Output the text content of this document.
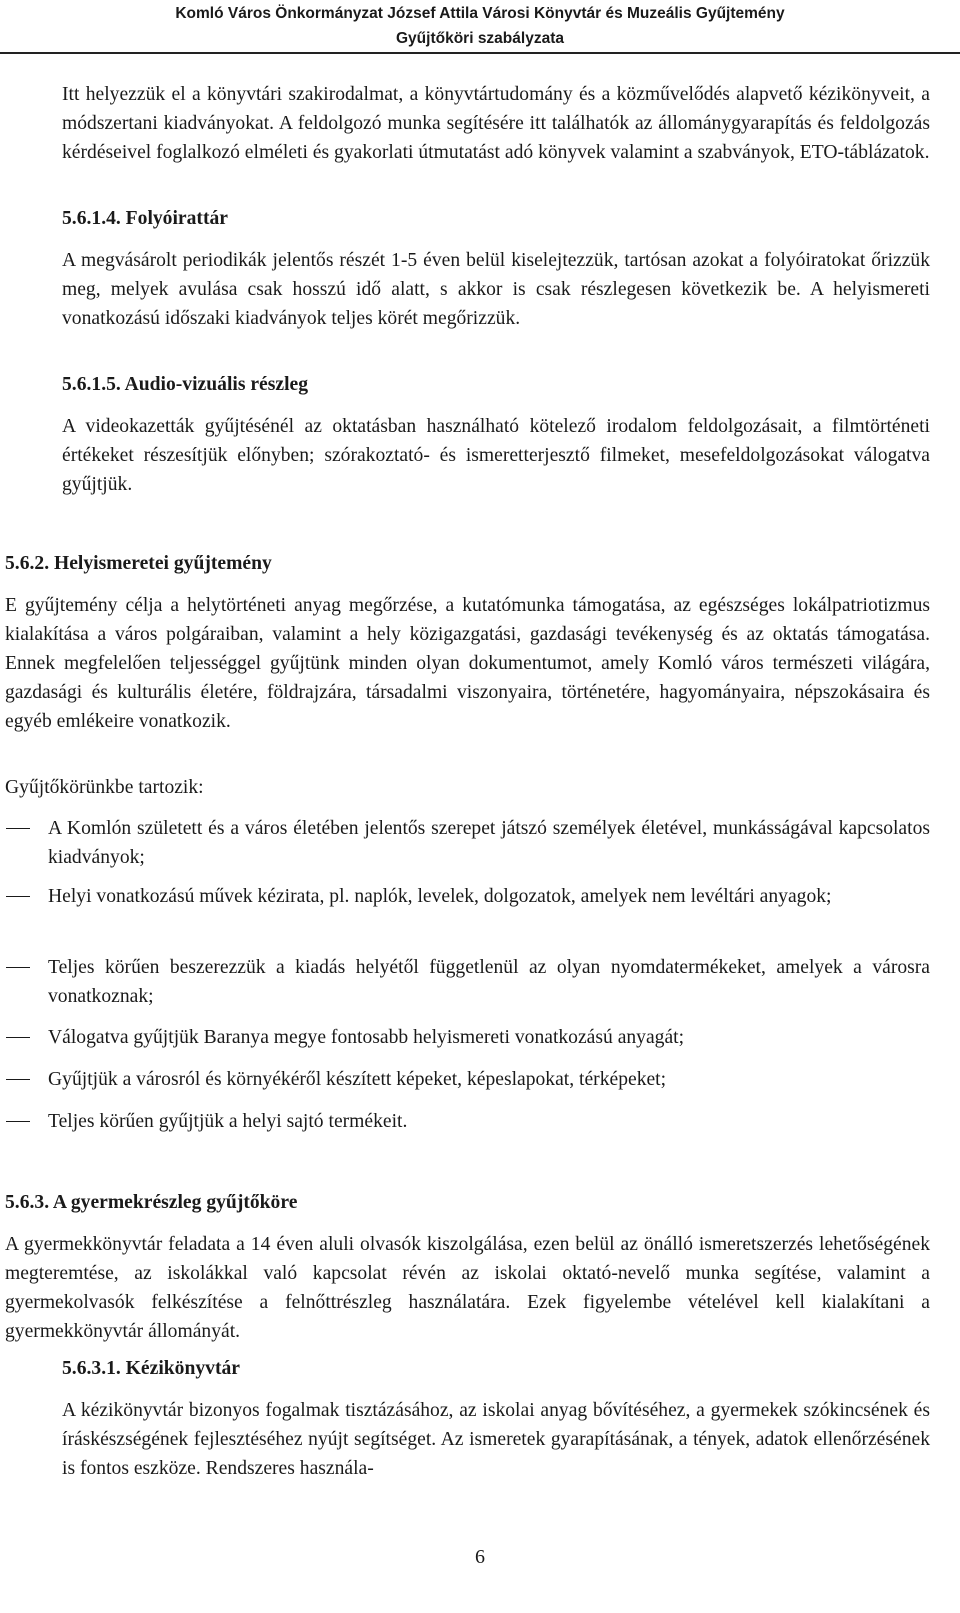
Komló Város Önkormányzat József Attila Városi Könyvtár és Muzeális Gyűjtemény
Gyűjtőköri szabályzata

Itt helyezzük el a könyvtári szakirodalmat, a könyvtártudomány és a közművelődés alapvető kézikönyveit, a módszertani kiadványokat. A feldolgozó munka segítésére itt találhatók az állománygyarapítás és feldolgozás kérdéseivel foglalkozó elméleti és gyakorlati útmutatást adó könyvek valamint a szabványok, ETO-táblázatok.

5.6.1.4. Folyóirattár

A megvásárolt periodikák jelentős részét 1-5 éven belül kiselejtezzük, tartósan azokat a folyóiratokat őrizzük meg, melyek avulása csak hosszú idő alatt, s akkor is csak részlegesen következik be. A helyismereti vonatkozású időszaki kiadványok teljes körét megőrizzük.

5.6.1.5. Audio-vizuális részleg

A videokazetták gyűjtésénél az oktatásban használható kötelező irodalom feldolgozásait, a filmtörténeti értékeket részesítjük előnyben; szórakoztató- és ismeretterjesztő filmeket, mesefeldolgozásokat válogatva gyűjtjük.

5.6.2. Helyismeretei gyűjtemény

E gyűjtemény célja a helytörténeti anyag megőrzése, a kutatómunka támogatása, az egészséges lokálpatriotizmus kialakítása a város polgáraiban, valamint a hely közigazgatási, gazdasági tevékenység és az oktatás támogatása. Ennek megfelelően teljességgel gyűjtünk minden olyan dokumentumot, amely Komló város természeti világára, gazdasági és kulturális életére, földrajzára, társadalmi viszonyaira, történetére, hagyományaira, népszokásaira és egyéb emlékeire vonatkozik.

Gyűjtőkörünkbe tartozik:

A Komlón született és a város életében jelentős szerepet játszó személyek életével, munkásságával kapcsolatos kiadványok;

Helyi vonatkozású művek kézirata, pl. naplók, levelek, dolgozatok, amelyek nem levéltári anyagok;

Teljes körűen beszerezzük a kiadás helyétől függetlenül az olyan nyomdatermékeket, amelyek a városra vonatkoznak;

Válogatva gyűjtjük Baranya megye fontosabb helyismereti vonatkozású anyagát;

Gyűjtjük a városról és környékéről készített képeket, képeslapokat, térképeket;

Teljes körűen gyűjtjük a helyi sajtó termékeit.

5.6.3. A gyermekrészleg gyűjtőköre

A gyermekkönyvtár feladata a 14 éven aluli olvasók kiszolgálása, ezen belül az önálló ismeretszerzés lehetőségének megteremtése, az iskolákkal való kapcsolat révén az iskolai oktató-nevelő munka segítése, valamint a gyermekolvasók felkészítése a felnőttrészleg használatára. Ezek figyelembe vételével kell kialakítani a gyermekkönyvtár állományát.

5.6.3.1. Kézikönyvtár

A kézikönyvtár bizonyos fogalmak tisztázásához, az iskolai anyag bővítéséhez, a gyermekek szókincsének és íráskészségének fejlesztéséhez nyújt segítséget. Az ismeretek gyarapításának, a tények, adatok ellenőrzésének is fontos eszköze. Rendszeres használa-

6
